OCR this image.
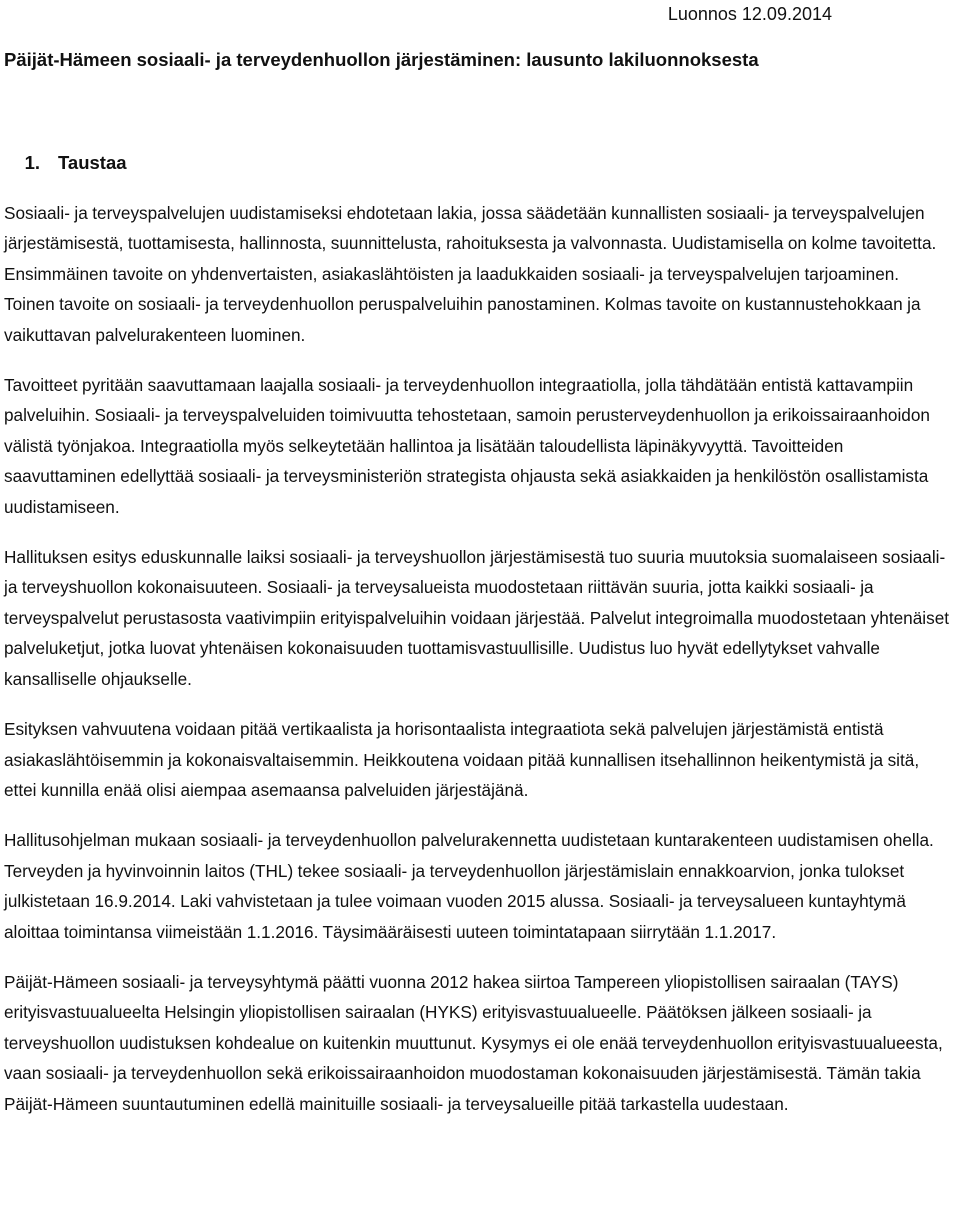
Luonnos 12.09.2014
Päijät-Hämeen sosiaali- ja terveydenhuollon järjestäminen: lausunto lakiluonnoksesta
1. Taustaa

Sosiaali- ja terveyspalvelujen uudistamiseksi ehdotetaan lakia, jossa säädetään kunnallisten sosiaali- ja terveyspalvelujen järjestämisestä, tuottamisesta, hallinnosta, suunnittelusta, rahoituksesta ja valvonnasta. Uudistamisella on kolme tavoitetta. Ensimmäinen tavoite on yhdenvertaisten, asiakaslähtöisten ja laadukkaiden sosiaali- ja terveyspalvelujen tarjoaminen. Toinen tavoite on sosiaali- ja terveydenhuollon peruspalveluihin panostaminen. Kolmas tavoite on kustannustehokkaan ja vaikuttavan palvelurakenteen luominen.

Tavoitteet pyritään saavuttamaan laajalla sosiaali- ja terveydenhuollon integraatiolla, jolla tähdätään entistä kattavampiin palveluihin. Sosiaali- ja terveyspalveluiden toimivuutta tehostetaan, samoin perusterveydenhuollon ja erikoissairaanhoidon välistä työnjakoa. Integraatiolla myös selkeytetään hallintoa ja lisätään taloudellista läpinäkyvyyttä. Tavoitteiden saavuttaminen edellyttää sosiaali- ja terveysministeriön strategista ohjausta sekä asiakkaiden ja henkilöstön osallistamista uudistamiseen.

Hallituksen esitys eduskunnalle laiksi sosiaali- ja terveyshuollon järjestämisestä tuo suuria muutoksia suomalaiseen sosiaali- ja terveyshuollon kokonaisuuteen. Sosiaali- ja terveysalueista muodostetaan riittävän suuria, jotta kaikki sosiaali- ja terveyspalvelut perustasosta vaativimpiin erityispalveluihin voidaan järjestää. Palvelut integroimalla muodostetaan yhtenäiset palveluketjut, jotka luovat yhtenäisen kokonaisuuden tuottamisvastuullisille. Uudistus luo hyvät edellytykset vahvalle kansalliselle ohjaukselle.

Esityksen vahvuutena voidaan pitää vertikaalista ja horisontaalista integraatiota sekä palvelujen järjestämistä entistä asiakaslähtöisemmin ja kokonaisvaltaisemmin. Heikkoutena voidaan pitää kunnallisen itsehallinnon heikentymistä ja sitä, ettei kunnilla enää olisi aiempaa asemaansa palveluiden järjestäjänä.

Hallitusohjelman mukaan sosiaali- ja terveydenhuollon palvelurakennetta uudistetaan kuntarakenteen uudistamisen ohella. Terveyden ja hyvinvoinnin laitos (THL) tekee sosiaali- ja terveydenhuollon järjestämislain ennakkoarvion, jonka tulokset julkistetaan 16.9.2014. Laki vahvistetaan ja tulee voimaan vuoden 2015 alussa. Sosiaali- ja terveysalueen kuntayhtymä aloittaa toimintansa viimeistään 1.1.2016. Täysimääräisesti uuteen toimintatapaan siirrytään 1.1.2017.

Päijät-Hämeen sosiaali- ja terveysyhtymä päätti vuonna 2012 hakea siirtoa Tampereen yliopistollisen sairaalan (TAYS) erityisvastuualueelta Helsingin yliopistollisen sairaalan (HYKS) erityisvastuualueelle. Päätöksen jälkeen sosiaali- ja terveyshuollon uudistuksen kohdealue on kuitenkin muuttunut. Kysymys ei ole enää terveydenhuollon erityisvastuualueesta, vaan sosiaali- ja terveydenhuollon sekä erikoissairaanhoidon muodostaman kokonaisuuden järjestämisestä. Tämän takia Päijät-Hämeen suuntautuminen edellä mainituille sosiaali- ja terveysalueille pitää tarkastella uudestaan.
